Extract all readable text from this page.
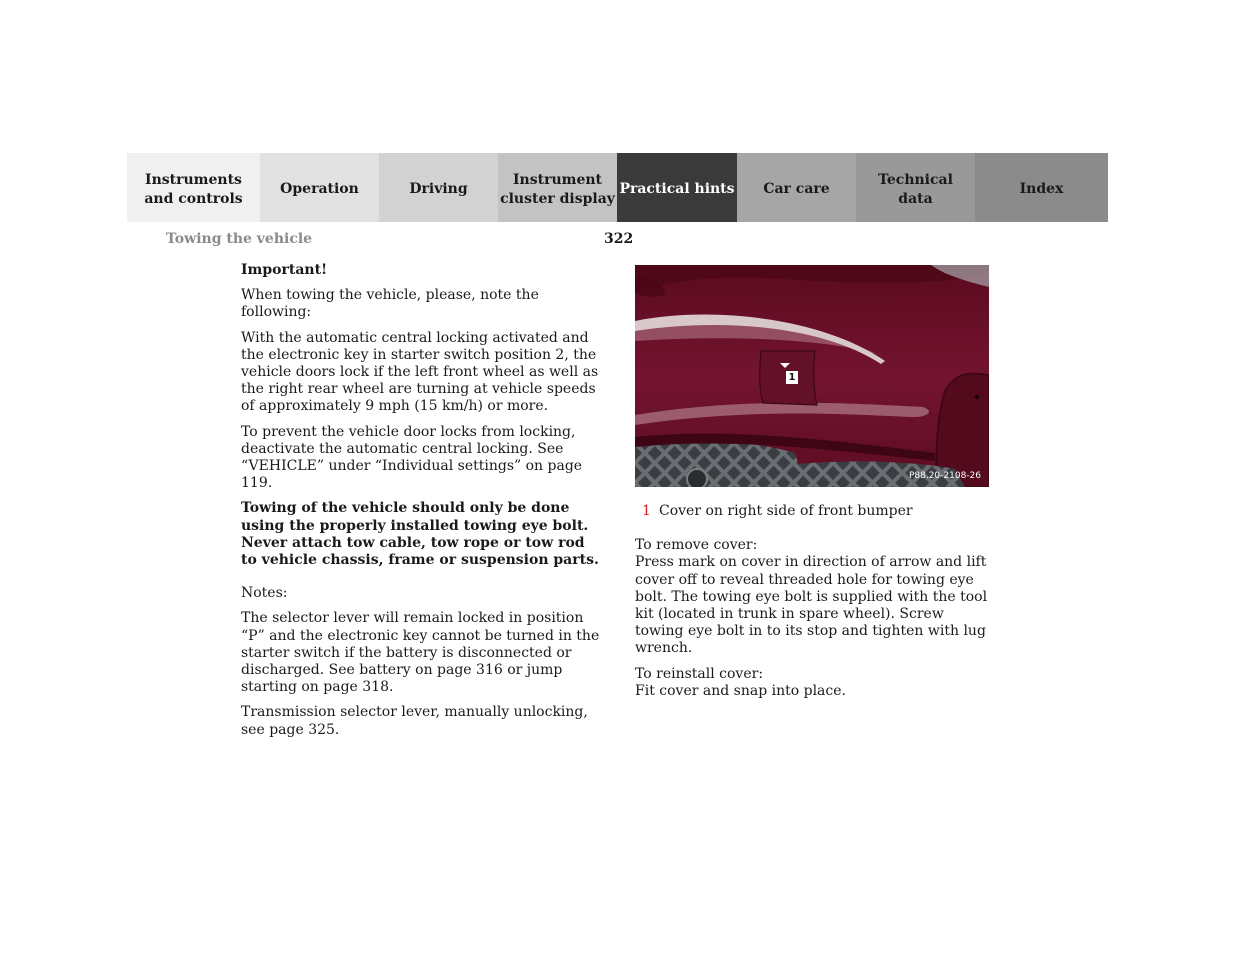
Instruments
and controls
Operation	Driving
Instrument
cluster display
Practical hints	Car care
Technical
data
Index
Towing the vehicle	322

Important!

When towing the vehicle, please, note the following:

With the automatic central locking activated and the electronic key in starter switch position 2, the vehicle doors lock if the left front wheel as well as the right rear wheel are turning at vehicle speeds of approximately 9 mph (15 km/h) or more.

To prevent the vehicle door locks from locking, deactivate the automatic central locking. See “VEHICLE” under “Individual settings” on page 119.

Towing of the vehicle should only be done using the properly installed towing eye bolt. Never attach tow cable, tow rope or tow rod to vehicle chassis, frame or suspension parts.

Notes:

The selector lever will remain locked in position “P” and the electronic key cannot be turned in the starter switch if the battery is disconnected or discharged. See battery on page 316 or jump starting on page 318.

Transmission selector lever, manually unlocking, see page 325.

1
P88.20-2108-26
1 Cover on right side of front bumper

To remove cover:
Press mark on cover in direction of arrow and lift cover off to reveal threaded hole for towing eye bolt. The towing eye bolt is supplied with the tool kit (located in trunk in spare wheel). Screw towing eye bolt in to its stop and tighten with lug wrench.

To reinstall cover:
Fit cover and snap into place.
